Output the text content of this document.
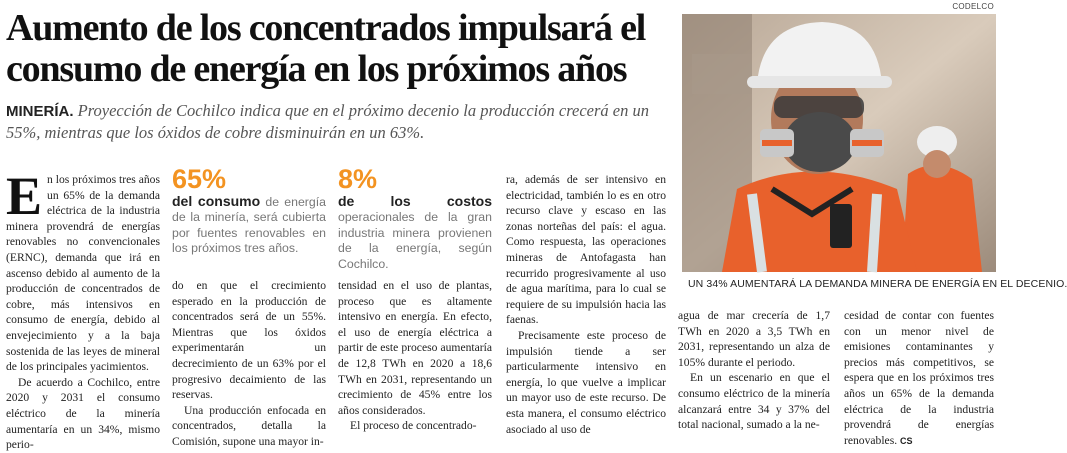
Aumento de los concentrados impulsará el consumo de energía en los próximos años
MINERÍA. Proyección de Cochilco indica que en el próximo decenio la producción crecerá en un 55%, mientras que los óxidos de cobre disminuirán en un 63%.
CODELCO
UN 34% AUMENTARÁ LA DEMANDA MINERA DE ENERGÍA EN EL DECENIO.

En los próximos tres años un 65% de la demanda eléctrica de la industria minera provendrá de energías renovables no convencionales (ERNC), demanda que irá en ascenso debido al aumento de la producción de concentrados de cobre, más intensivos en consumo de energía, debido al envejecimiento y a la baja sostenida de las leyes de mineral de los principales yacimientos.

De acuerdo a Cochilco, entre 2020 y 2031 el consumo eléctrico de la minería aumentaría en un 34%, mismo perio-

65%
del consumo de energía de la minería, será cubierta por fuentes renovables en los próximos tres años.

do en que el crecimiento esperado en la producción de concentrados será de un 55%. Mientras que los óxidos experimentarán un decrecimiento de un 63% por el progresivo decaimiento de las reservas.

Una producción enfocada en concentrados, detalla la Comisión, supone una mayor in-

8%
de los costos operacionales de la gran industria minera provienen de la energía, según Cochilco.

tensidad en el uso de plantas, proceso que es altamente intensivo en energía. En efecto, el uso de energía eléctrica a partir de este proceso aumentaría de 12,8 TWh en 2020 a 18,6 TWh en 2031, representando un crecimiento de 45% entre los años considerados.

El proceso de concentrado-

ra, además de ser intensivo en electricidad, también lo es en otro recurso clave y escaso en las zonas norteñas del país: el agua. Como respuesta, las operaciones mineras de Antofagasta han recurrido progresivamente al uso de agua marítima, para lo cual se requiere de su impulsión hacia las faenas.

Precisamente este proceso de impulsión tiende a ser particularmente intensivo en energía, lo que vuelve a implicar un mayor uso de este recurso. De esta manera, el consumo eléctrico asociado al uso de

agua de mar crecería de 1,7 TWh en 2020 a 3,5 TWh en 2031, representando un alza de 105% durante el periodo.

En un escenario en que el consumo eléctrico de la minería alcanzará entre 34 y 37% del total nacional, sumado a la ne-

cesidad de contar con fuentes con un menor nivel de emisiones contaminantes y precios más competitivos, se espera que en los próximos tres años un 65% de la demanda eléctrica de la industria provendrá de energías renovables. CS
